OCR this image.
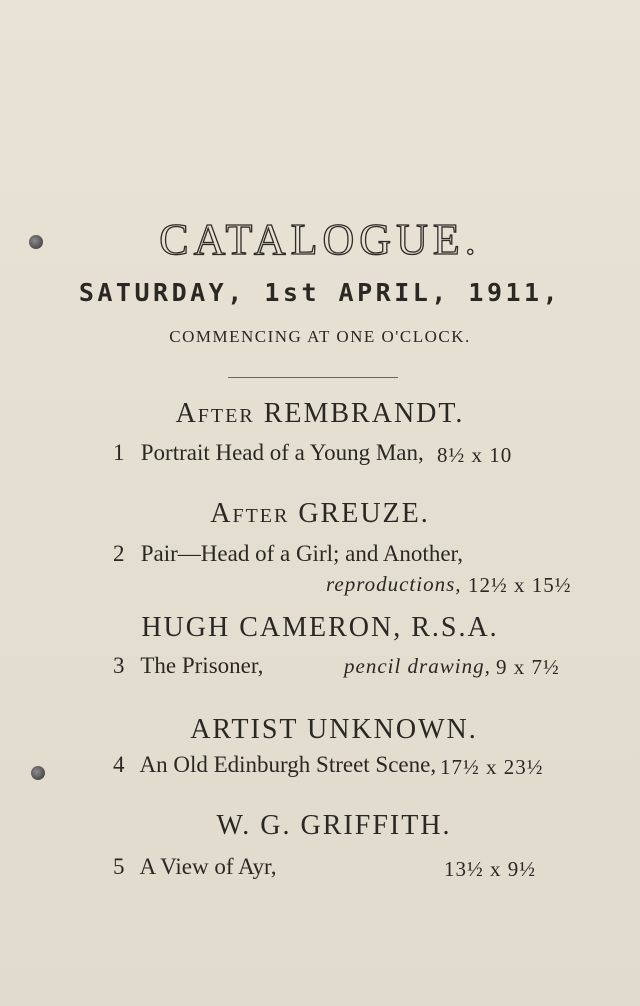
CATALOGUE.
SATURDAY, 1st APRIL, 1911,
COMMENCING AT ONE O'CLOCK.
After REMBRANDT.
1 Portrait Head of a Young Man, 8½ x 10
After GREUZE.
2 Pair—Head of a Girl; and Another,
reproductions, 12½ x 15½
HUGH CAMERON, R.S.A.
3 The Prisoner,	pencil drawing, 9 x 7½
ARTIST UNKNOWN.
4 An Old Edinburgh Street Scene, 17½ x 23½
W. G. GRIFFITH.
5 A View of Ayr,	13½ x 9½
